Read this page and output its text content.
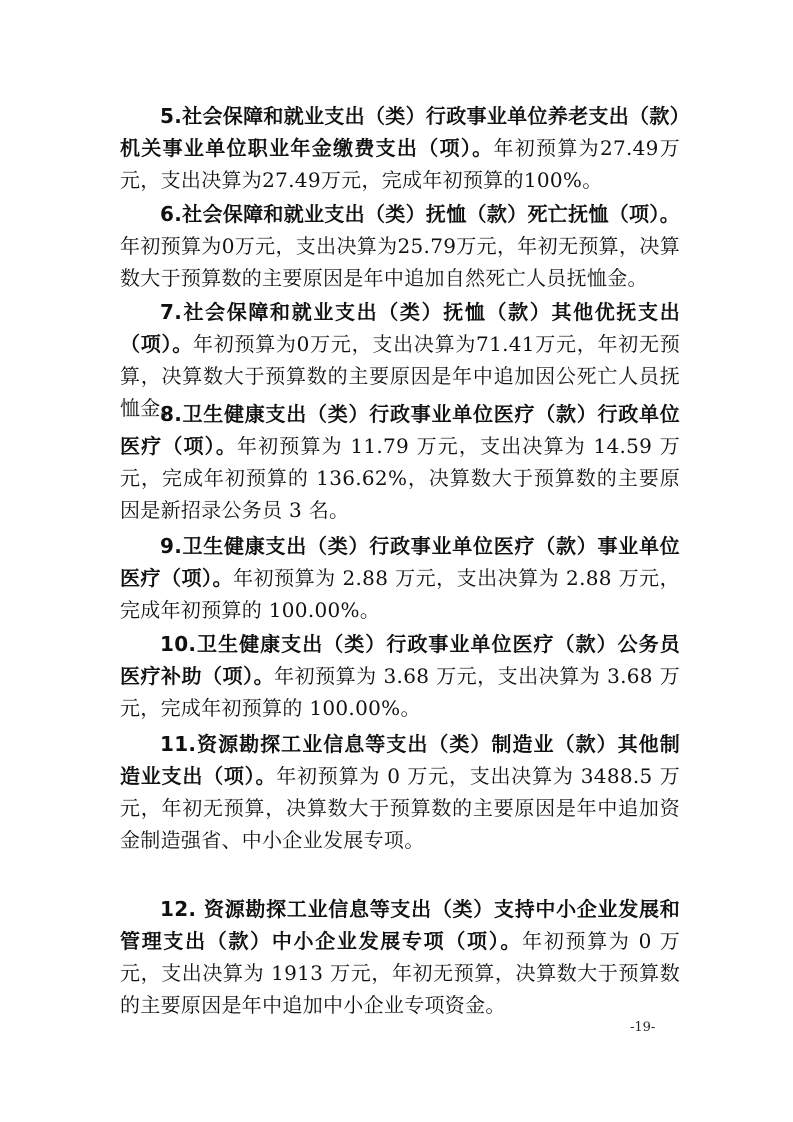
5.社会保障和就业支出（类）行政事业单位养老支出（款）机关事业单位职业年金缴费支出（项）。年初预算为27.49万元，支出决算为27.49万元，完成年初预算的100%。

6.社会保障和就业支出（类）抚恤（款）死亡抚恤（项）。年初预算为0万元，支出决算为25.79万元，年初无预算，决算数大于预算数的主要原因是年中追加自然死亡人员抚恤金。

7.社会保障和就业支出（类）抚恤（款）其他优抚支出（项）。年初预算为0万元，支出决算为71.41万元，年初无预算，决算数大于预算数的主要原因是年中追加因公死亡人员抚恤金。

8.卫生健康支出（类）行政事业单位医疗（款）行政单位医疗（项）。年初预算为 11.79 万元，支出决算为 14.59 万元，完成年初预算的 136.62%，决算数大于预算数的主要原因是新招录公务员 3 名。

9.卫生健康支出（类）行政事业单位医疗（款）事业单位医疗（项）。年初预算为 2.88 万元，支出决算为 2.88 万元，完成年初预算的 100.00%。

10.卫生健康支出（类）行政事业单位医疗（款）公务员医疗补助（项）。年初预算为 3.68 万元，支出决算为 3.68 万元，完成年初预算的 100.00%。

11.资源勘探工业信息等支出（类）制造业（款）其他制造业支出（项）。年初预算为 0 万元，支出决算为 3488.5 万元，年初无预算，决算数大于预算数的主要原因是年中追加资金制造强省、中小企业发展专项。

12. 资源勘探工业信息等支出（类）支持中小企业发展和管理支出（款）中小企业发展专项（项）。年初预算为 0 万元，支出决算为 1913 万元，年初无预算，决算数大于预算数的主要原因是年中追加中小企业专项资金。

-19-
